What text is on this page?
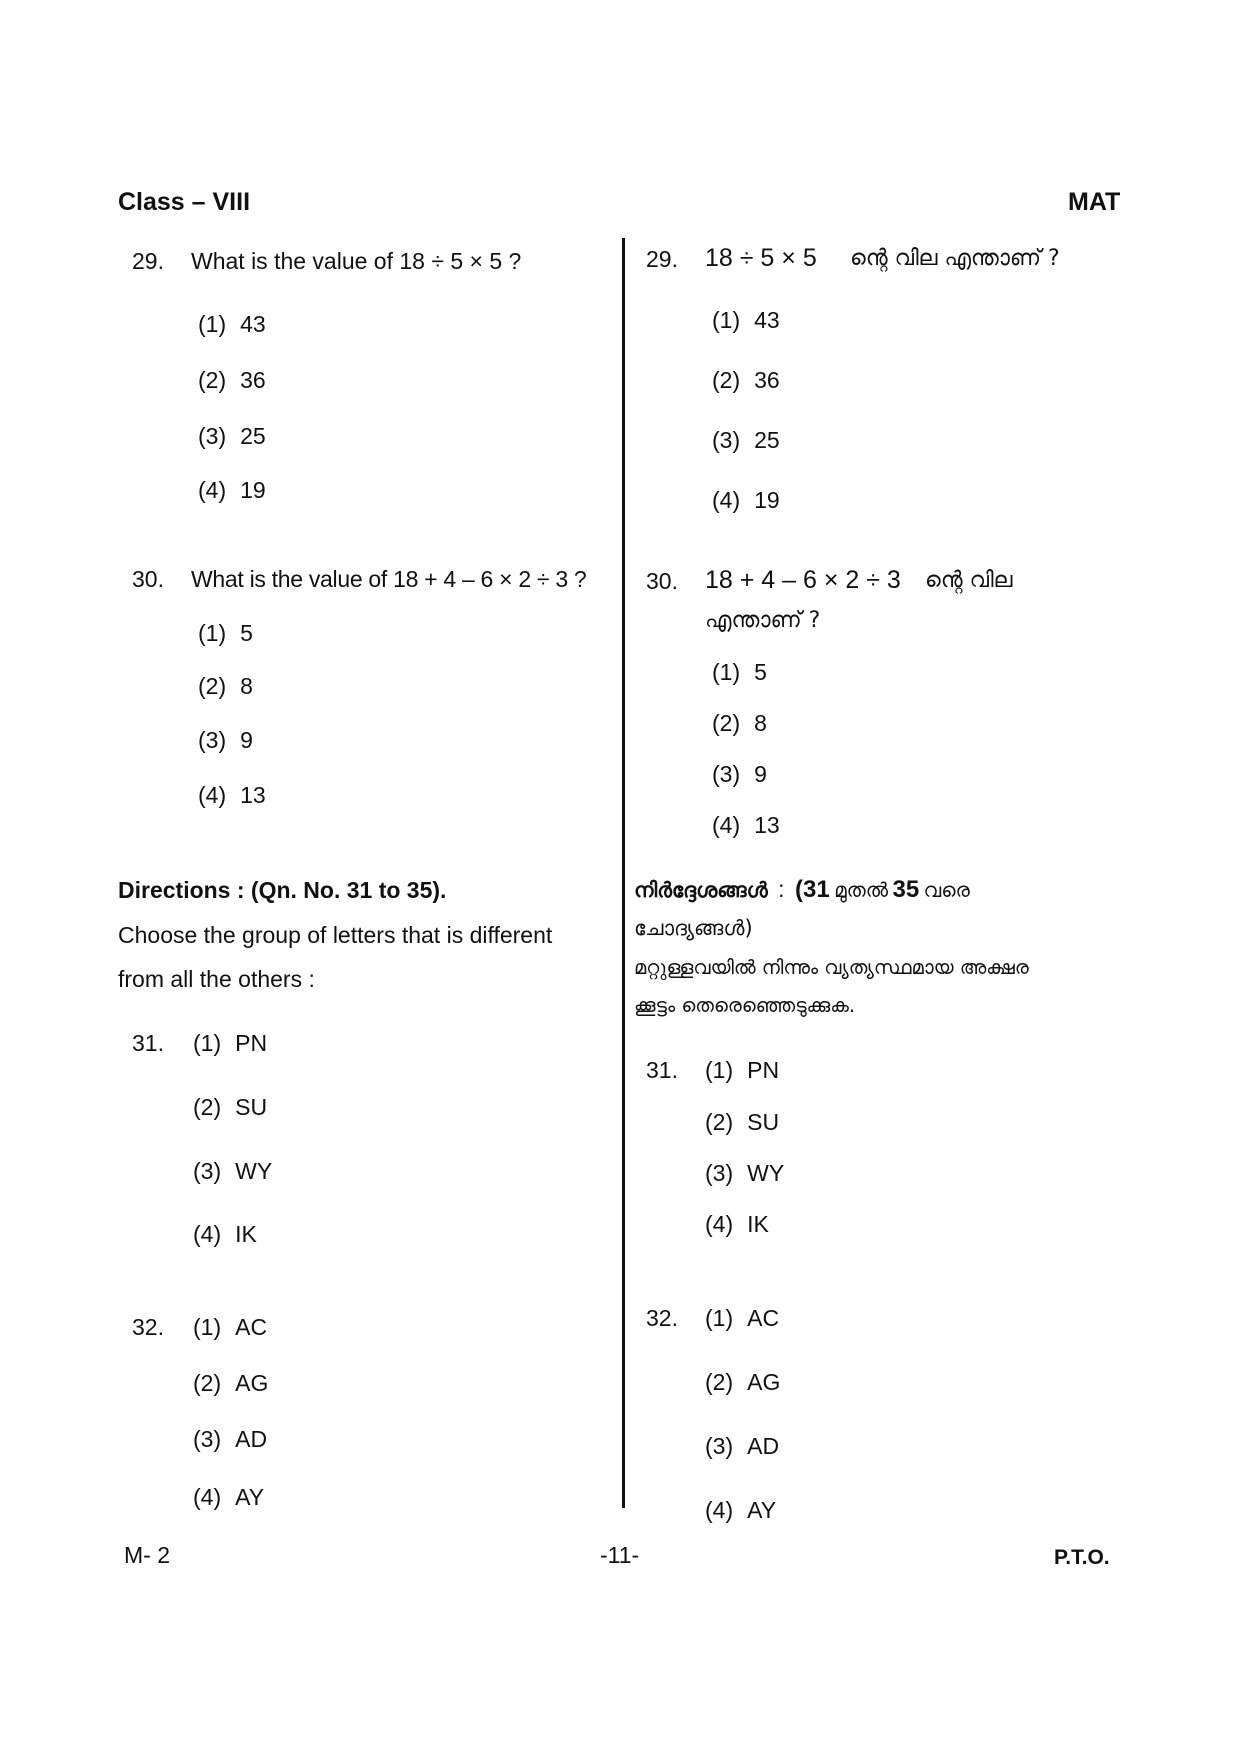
Class – VIII	MAT
29. What is the value of 18 ÷ 5 × 5 ?
(1) 43
(2) 36
(3) 25
(4) 19
30. What is the value of 18 + 4 – 6 × 2 ÷ 3 ?
(1) 5
(2) 8
(3) 9
(4) 13
Directions : (Qn. No. 31 to 35).
Choose the group of letters that is different
from all the others :
31. (1) PN
(2) SU
(3) WY
(4) IK
32. (1) AC
(2) AG
(3) AD
(4) AY
29. 18 ÷ 5 × 5 ന്റെ വില എന്താണ് ?
(1) 43
(2) 36
(3) 25
(4) 19
30. 18 + 4 – 6 × 2 ÷ 3 ന്റെ വില
എന്താണ് ?
(1) 5
(2) 8
(3) 9
(4) 13
നിർദ്ദേശങ്ങൾ : (31 മുതൽ 35 വരെ
ചോദ്യങ്ങൾ)
മറ്റുള്ളവയിൽ നിന്നും വ്യത്യസ്ഥമായ അക്ഷര
ക്കൂട്ടം തെരെഞ്ഞെടുക്കുക.
31. (1) PN
(2) SU
(3) WY
(4) IK
32. (1) AC
(2) AG
(3) AD
(4) AY
M- 2	-11-	P.T.O.
